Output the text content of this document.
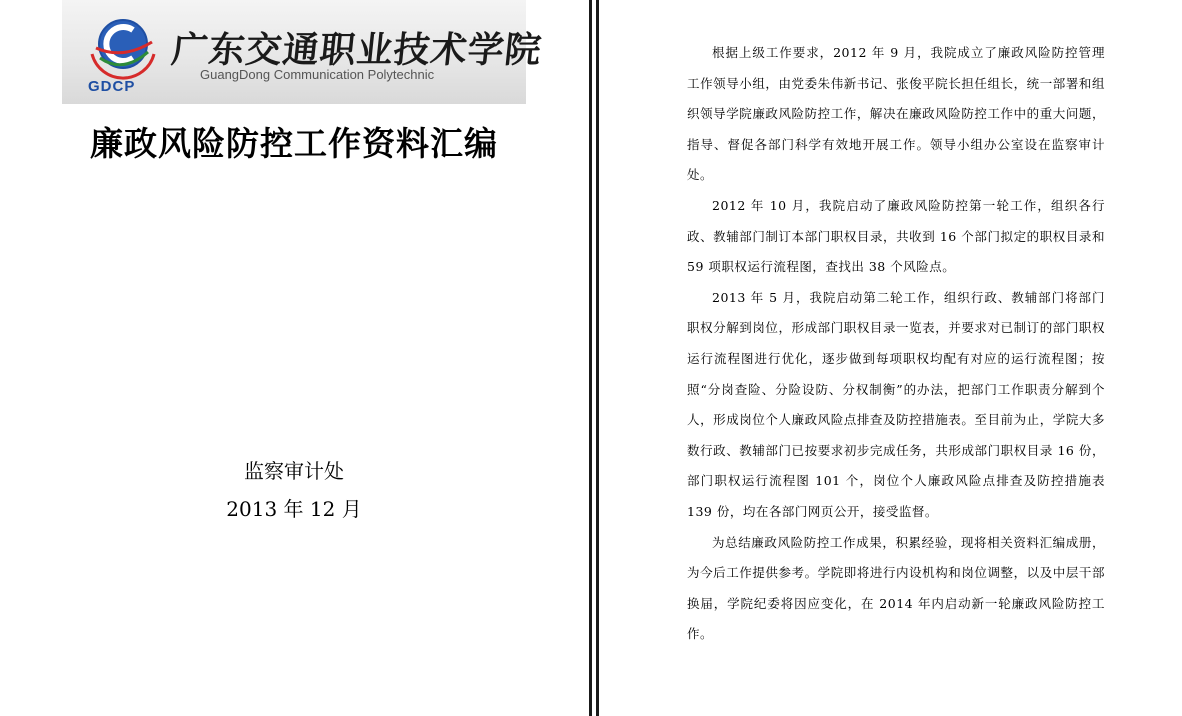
GDCP
广东交通职业技术学院
GuangDong Communication Polytechnic
廉政风险防控工作资料汇编
监察审计处
2013 年 12 月

根据上级工作要求，2012 年 9 月，我院成立了廉政风险防控管理工作领导小组，由党委朱伟新书记、张俊平院长担任组长，统一部署和组织领导学院廉政风险防控工作，解决在廉政风险防控工作中的重大问题，指导、督促各部门科学有效地开展工作。领导小组办公室设在监察审计处。

2012 年 10 月，我院启动了廉政风险防控第一轮工作，组织各行政、教辅部门制订本部门职权目录，共收到 16 个部门拟定的职权目录和 59 项职权运行流程图，查找出 38 个风险点。

2013 年 5 月，我院启动第二轮工作，组织行政、教辅部门将部门职权分解到岗位，形成部门职权目录一览表，并要求对已制订的部门职权运行流程图进行优化，逐步做到每项职权均配有对应的运行流程图；按照“分岗查险、分险设防、分权制衡”的办法，把部门工作职责分解到个人，形成岗位个人廉政风险点排查及防控措施表。至目前为止，学院大多数行政、教辅部门已按要求初步完成任务，共形成部门职权目录 16 份，部门职权运行流程图 101 个，岗位个人廉政风险点排查及防控措施表 139 份，均在各部门网页公开，接受监督。

为总结廉政风险防控工作成果，积累经验，现将相关资料汇编成册，为今后工作提供参考。学院即将进行内设机构和岗位调整，以及中层干部换届，学院纪委将因应变化，在 2014 年内启动新一轮廉政风险防控工作。
